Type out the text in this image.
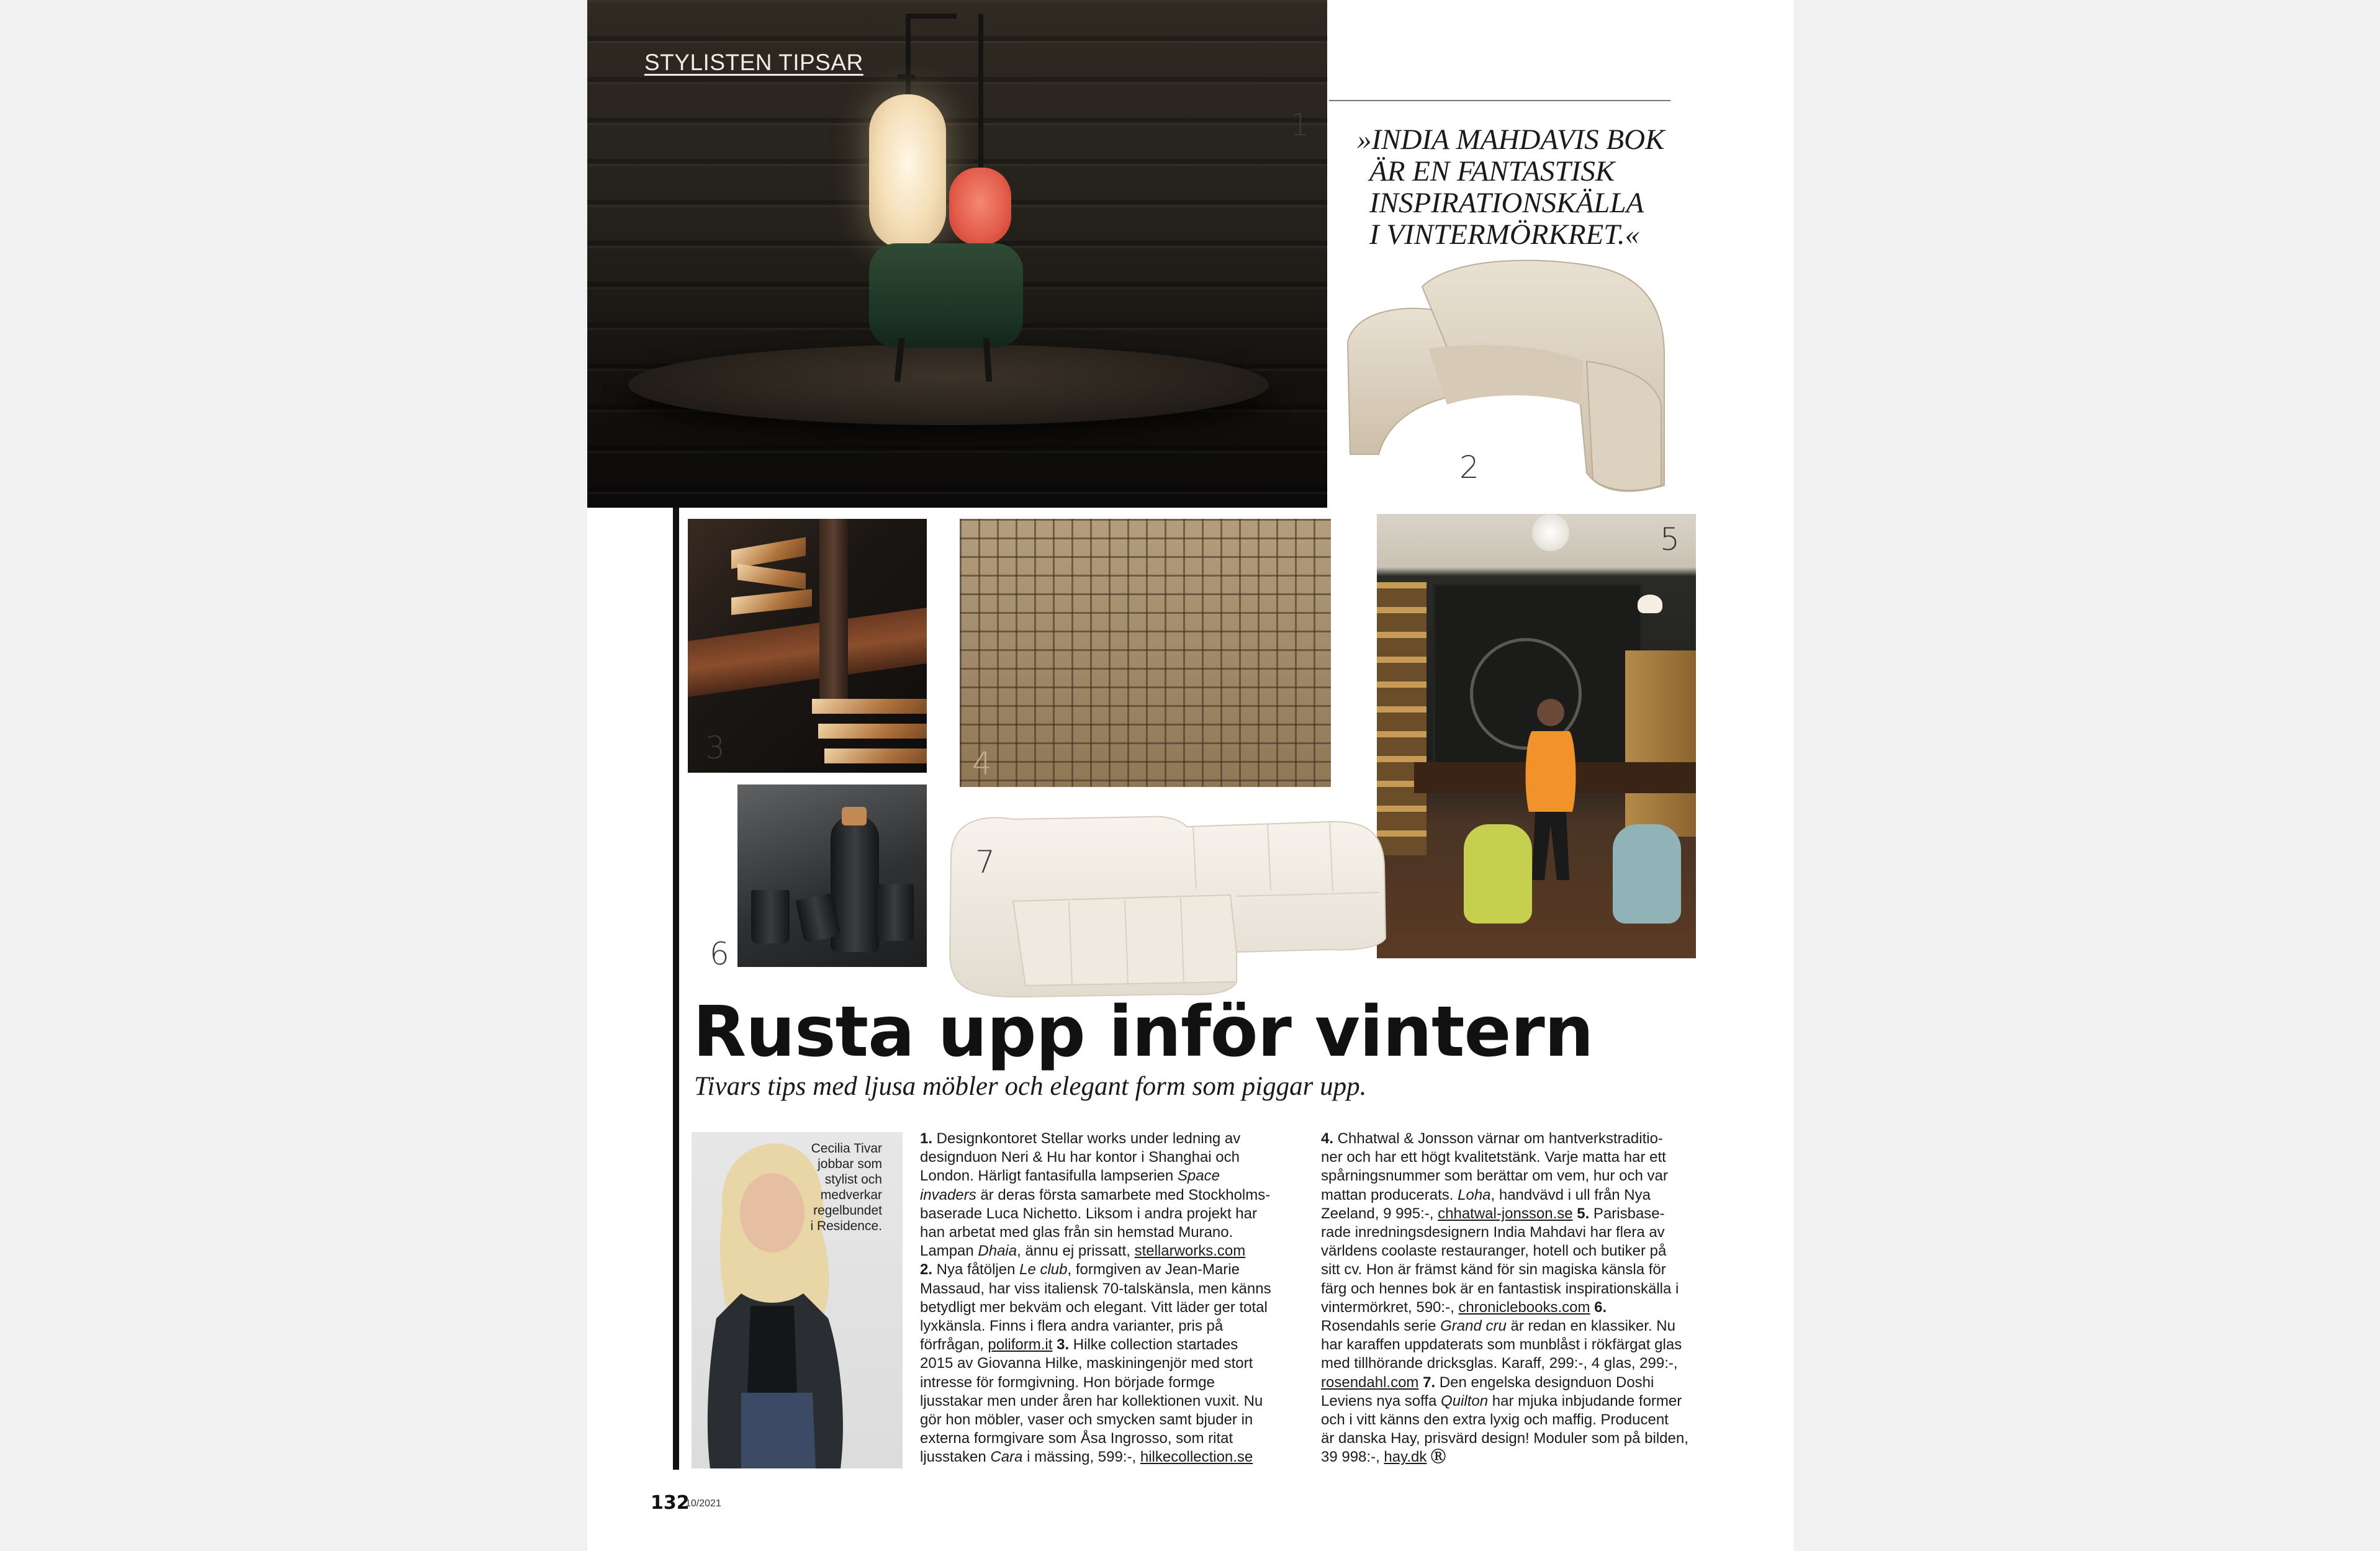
STYLISTEN TIPSAR
1 »INDIA MAHDAVIS BOK
ÄR EN FANTASTISK
INSPIRATIONSKÄLLA
I VINTERMÖRKRET.«
2
3	4
5
6
7
Rusta upp inför vintern
Tivars tips med ljusa möbler och elegant form som piggar upp.
Cecilia Tivar
jobbar som
stylist och
medverkar
regelbundet
i Residence.
1. Designkontoret Stellar works under ledning av
designduon Neri & Hu har kontor i Shanghai och
London. Härligt fantasifulla lampserien Space
invaders är deras första samarbete med Stockholms-
baserade Luca Nichetto. Liksom i andra projekt har
han arbetat med glas från sin hemstad Murano.
Lampan Dhaia, ännu ej prissatt, stellarworks.com
2. Nya fåtöljen Le club, formgiven av Jean-Marie
Massaud, har viss italiensk 70-talskänsla, men känns
betydligt mer bekväm och elegant. Vitt läder ger total
lyxkänsla. Finns i flera andra varianter, pris på
förfrågan, poliform.it 3. Hilke collection startades
2015 av Giovanna Hilke, maskiningenjör med stort
intresse för formgivning. Hon började formge
ljusstakar men under åren har kollektionen vuxit. Nu
gör hon möbler, vaser och smycken samt bjuder in
externa formgivare som Åsa Ingrosso, som ritat
ljusstaken Cara i mässing, 599:-, hilkecollection.se
4. Chhatwal & Jonsson värnar om hantverkstraditio-
ner och har ett högt kvalitetstänk. Varje matta har ett
spårningsnummer som berättar om vem, hur och var
mattan producerats. Loha, handvävd i ull från Nya
Zeeland, 9 995:-, chhatwal-jonsson.se 5. Parisbase-
rade inredningsdesignern India Mahdavi har flera av
världens coolaste restauranger, hotell och butiker på
sitt cv. Hon är främst känd för sin magiska känsla för
färg och hennes bok är en fantastisk inspirationskälla i
vintermörkret, 590:-, chroniclebooks.com 6.
Rosendahls serie Grand cru är redan en klassiker. Nu
har karaffen uppdaterats som munblåst i rökfärgat glas
med tillhörande dricksglas. Karaff, 299:-, 4 glas, 299:-,
rosendahl.com 7. Den engelska designduon Doshi
Leviens nya soffa Quilton har mjuka inbjudande former
och i vitt känns den extra lyxig och maffig. Producent
är danska Hay, prisvärd design! Moduler som på bilden,
39 998:-, hay.dk Ⓡ
132
10/2021
